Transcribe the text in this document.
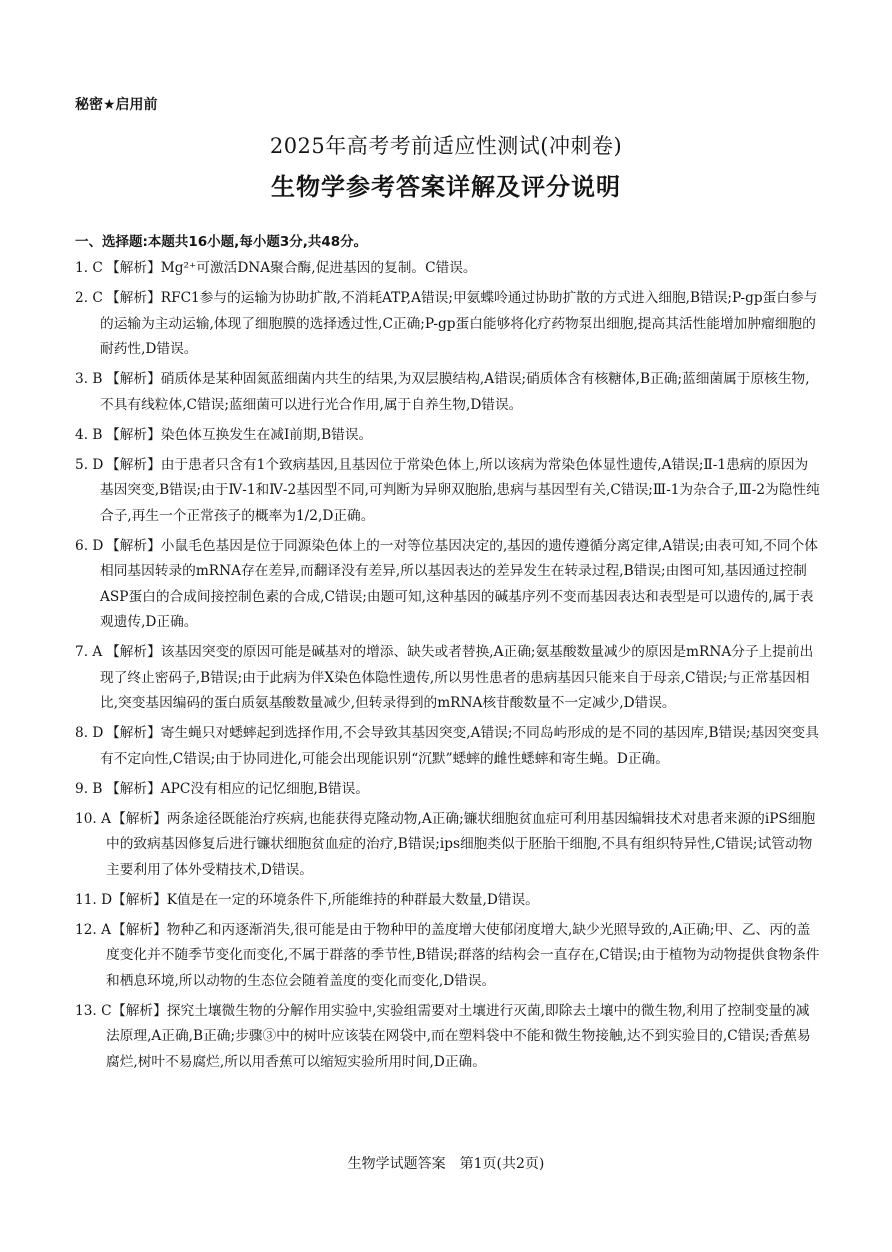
秘密★启用前
2025年高考考前适应性测试(冲刺卷)
生物学参考答案详解及评分说明
一、选择题:本题共16小题,每小题3分,共48分。
1. C 【解析】Mg²⁺可激活DNA聚合酶,促进基因的复制。C错误。
2. C 【解析】RFC1参与的运输为协助扩散,不消耗ATP,A错误;甲氨蝶呤通过协助扩散的方式进入细胞,B错误;P-gp蛋白参与的运输为主动运输,体现了细胞膜的选择透过性,C正确;P-gp蛋白能够将化疗药物泵出细胞,提高其活性能增加肿瘤细胞的耐药性,D错误。
3. B 【解析】硝质体是某种固氮蓝细菌内共生的结果,为双层膜结构,A错误;硝质体含有核糖体,B正确;蓝细菌属于原核生物,不具有线粒体,C错误;蓝细菌可以进行光合作用,属于自养生物,D错误。
4. B 【解析】染色体互换发生在减Ⅰ前期,B错误。
5. D 【解析】由于患者只含有1个致病基因,且基因位于常染色体上,所以该病为常染色体显性遗传,A错误;Ⅱ-1患病的原因为基因突变,B错误;由于Ⅳ-1和Ⅳ-2基因型不同,可判断为异卵双胞胎,患病与基因型有关,C错误;Ⅲ-1为杂合子,Ⅲ-2为隐性纯合子,再生一个正常孩子的概率为1/2,D正确。
6. D 【解析】小鼠毛色基因是位于同源染色体上的一对等位基因决定的,基因的遗传遵循分离定律,A错误;由表可知,不同个体相同基因转录的mRNA存在差异,而翻译没有差异,所以基因表达的差异发生在转录过程,B错误;由图可知,基因通过控制ASP蛋白的合成间接控制色素的合成,C错误;由题可知,这种基因的碱基序列不变而基因表达和表型是可以遗传的,属于表观遗传,D正确。
7. A 【解析】该基因突变的原因可能是碱基对的增添、缺失或者替换,A正确;氨基酸数量减少的原因是mRNA分子上提前出现了终止密码子,B错误;由于此病为伴X染色体隐性遗传,所以男性患者的患病基因只能来自于母亲,C错误;与正常基因相比,突变基因编码的蛋白质氨基酸数量减少,但转录得到的mRNA核苷酸数量不一定减少,D错误。
8. D 【解析】寄生蝇只对蟋蟀起到选择作用,不会导致其基因突变,A错误;不同岛屿形成的是不同的基因库,B错误;基因突变具有不定向性,C错误;由于协同进化,可能会出现能识别“沉默”蟋蟀的雌性蟋蟀和寄生蝇。D正确。
9. B 【解析】APC没有相应的记忆细胞,B错误。
10. A 【解析】两条途径既能治疗疾病,也能获得克隆动物,A正确;镰状细胞贫血症可利用基因编辑技术对患者来源的iPS细胞中的致病基因修复后进行镰状细胞贫血症的治疗,B错误;ips细胞类似于胚胎干细胞,不具有组织特异性,C错误;试管动物主要利用了体外受精技术,D错误。
11. D 【解析】K值是在一定的环境条件下,所能维持的种群最大数量,D错误。
12. A 【解析】物种乙和丙逐渐消失,很可能是由于物种甲的盖度增大使郁闭度增大,缺少光照导致的,A正确;甲、乙、丙的盖度变化并不随季节变化而变化,不属于群落的季节性,B错误;群落的结构会一直存在,C错误;由于植物为动物提供食物条件和栖息环境,所以动物的生态位会随着盖度的变化而变化,D错误。
13. C 【解析】探究土壤微生物的分解作用实验中,实验组需要对土壤进行灭菌,即除去土壤中的微生物,利用了控制变量的减法原理,A正确,B正确;步骤③中的树叶应该装在网袋中,而在塑料袋中不能和微生物接触,达不到实验目的,C错误;香蕉易腐烂,树叶不易腐烂,所以用香蕉可以缩短实验所用时间,D正确。
生物学试题答案　第1页(共2页)
